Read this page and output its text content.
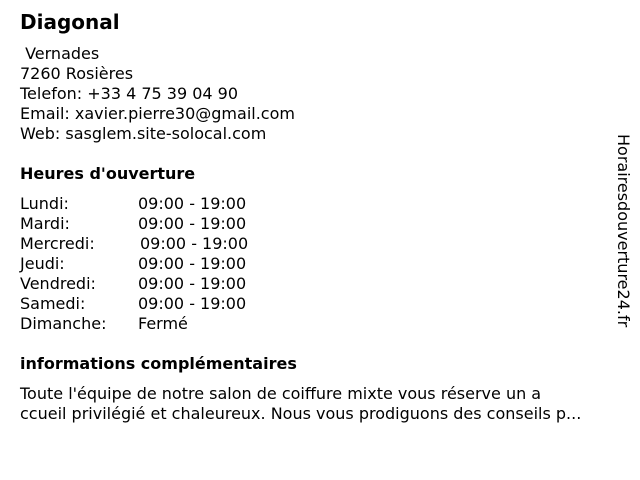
Diagonal
Vernades
7260 Rosières
Telefon: +33 4 75 39 04 90
Email: xavier.pierre30@gmail.com
Web: sasglem.site-solocal.com
Heures d'ouverture
Lundi:	09:00 - 19:00
Mardi:	09:00 - 19:00
Mercredi:	09:00 - 19:00
Jeudi:	09:00 - 19:00
Vendredi:	09:00 - 19:00
Samedi:	09:00 - 19:00
Dimanche: Fermé
informations complémentaires
Toute l'équipe de notre salon de coiffure mixte vous réserve un a
ccueil privilégié et chaleureux. Nous vous prodiguons des conseils p...
Horairesdouverture24.fr
